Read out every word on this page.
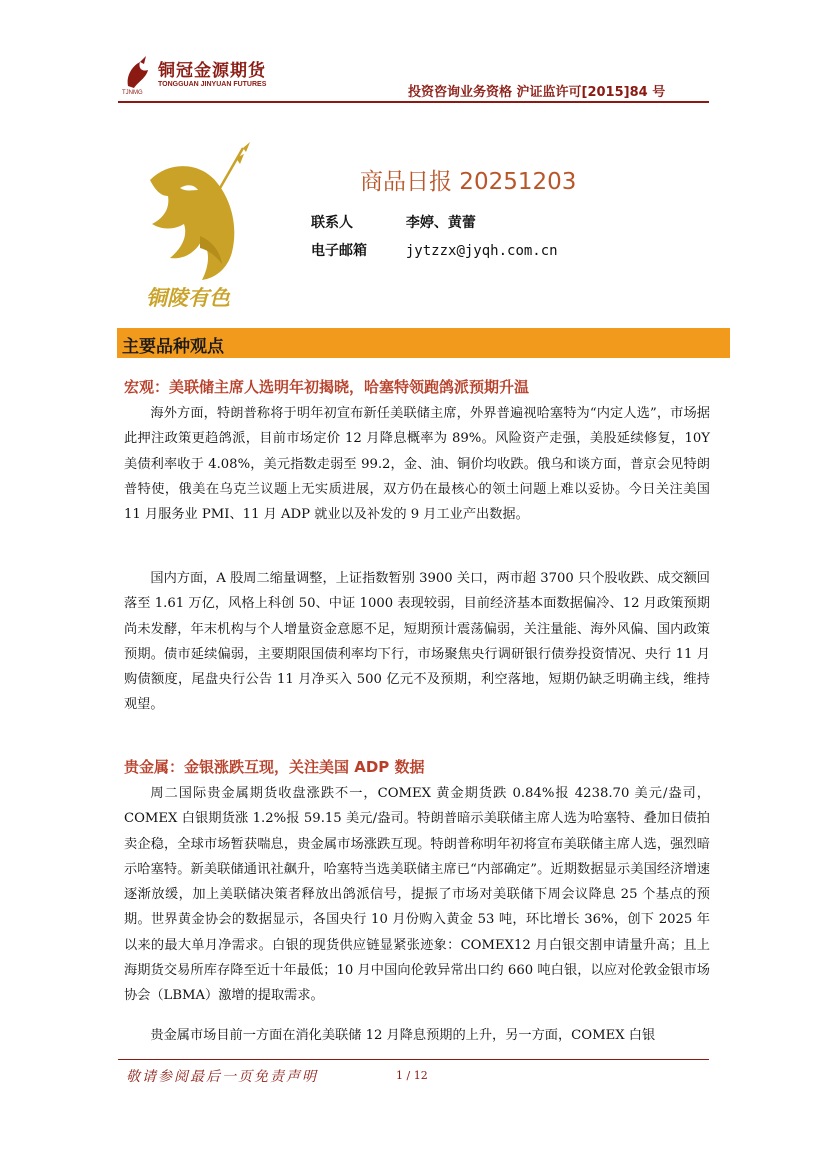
铜冠金源期货
TONGGUAN JINYUAN FUTURES
TJNMG	投资咨询业务资格 沪证监许可[2015]84 号
铜陵有色
商品日报 20251203
联系人	李婷、黄蕾
电子邮箱	jytzzx@jyqh.com.cn
主要品种观点
宏观：美联储主席人选明年初揭晓，哈塞特领跑鸽派预期升温

海外方面，特朗普称将于明年初宣布新任美联储主席，外界普遍视哈塞特为“内定人选”，市场据此押注政策更趋鸽派，目前市场定价 12 月降息概率为 89%。风险资产走强，美股延续修复，10Y 美债利率收于 4.08%，美元指数走弱至 99.2，金、油、铜价均收跌。俄乌和谈方面，普京会见特朗普特使，俄美在乌克兰议题上无实质进展，双方仍在最核心的领土问题上难以妥协。今日关注美国 11 月服务业 PMI、11 月 ADP 就业以及补发的 9 月工业产出数据。

国内方面，A 股周二缩量调整，上证指数暂别 3900 关口，两市超 3700 只个股收跌、成交额回落至 1.61 万亿，风格上科创 50、中证 1000 表现较弱，目前经济基本面数据偏冷、12 月政策预期尚未发酵，年末机构与个人增量资金意愿不足，短期预计震荡偏弱，关注量能、海外风偏、国内政策预期。债市延续偏弱，主要期限国债利率均下行，市场聚焦央行调研银行债券投资情况、央行 11 月购债额度，尾盘央行公告 11 月净买入 500 亿元不及预期，利空落地，短期仍缺乏明确主线，维持观望。

贵金属：金银涨跌互现，关注美国 ADP 数据

周二国际贵金属期货收盘涨跌不一，COMEX 黄金期货跌 0.84%报 4238.70 美元/盎司，COMEX 白银期货涨 1.2%报 59.15 美元/盎司。特朗普暗示美联储主席人选为哈塞特、叠加日债拍卖企稳，全球市场暂获喘息，贵金属市场涨跌互现。特朗普称明年初将宣布美联储主席人选，强烈暗示哈塞特。新美联储通讯社飙升，哈塞特当选美联储主席已“内部确定”。近期数据显示美国经济增速逐渐放缓，加上美联储决策者释放出鸽派信号，提振了市场对美联储下周会议降息 25 个基点的预期。世界黄金协会的数据显示，各国央行 10 月份购入黄金 53 吨，环比增长 36%，创下 2025 年以来的最大单月净需求。白银的现货供应链显紧张迹象：COMEX12 月白银交割申请量升高；且上海期货交易所库存降至近十年最低；10 月中国向伦敦异常出口约 660 吨白银，以应对伦敦金银市场协会（LBMA）激增的提取需求。

贵金属市场目前一方面在消化美联储 12 月降息预期的上升，另一方面，COMEX 白银

敬请参阅最后一页免责声明	1 / 12
